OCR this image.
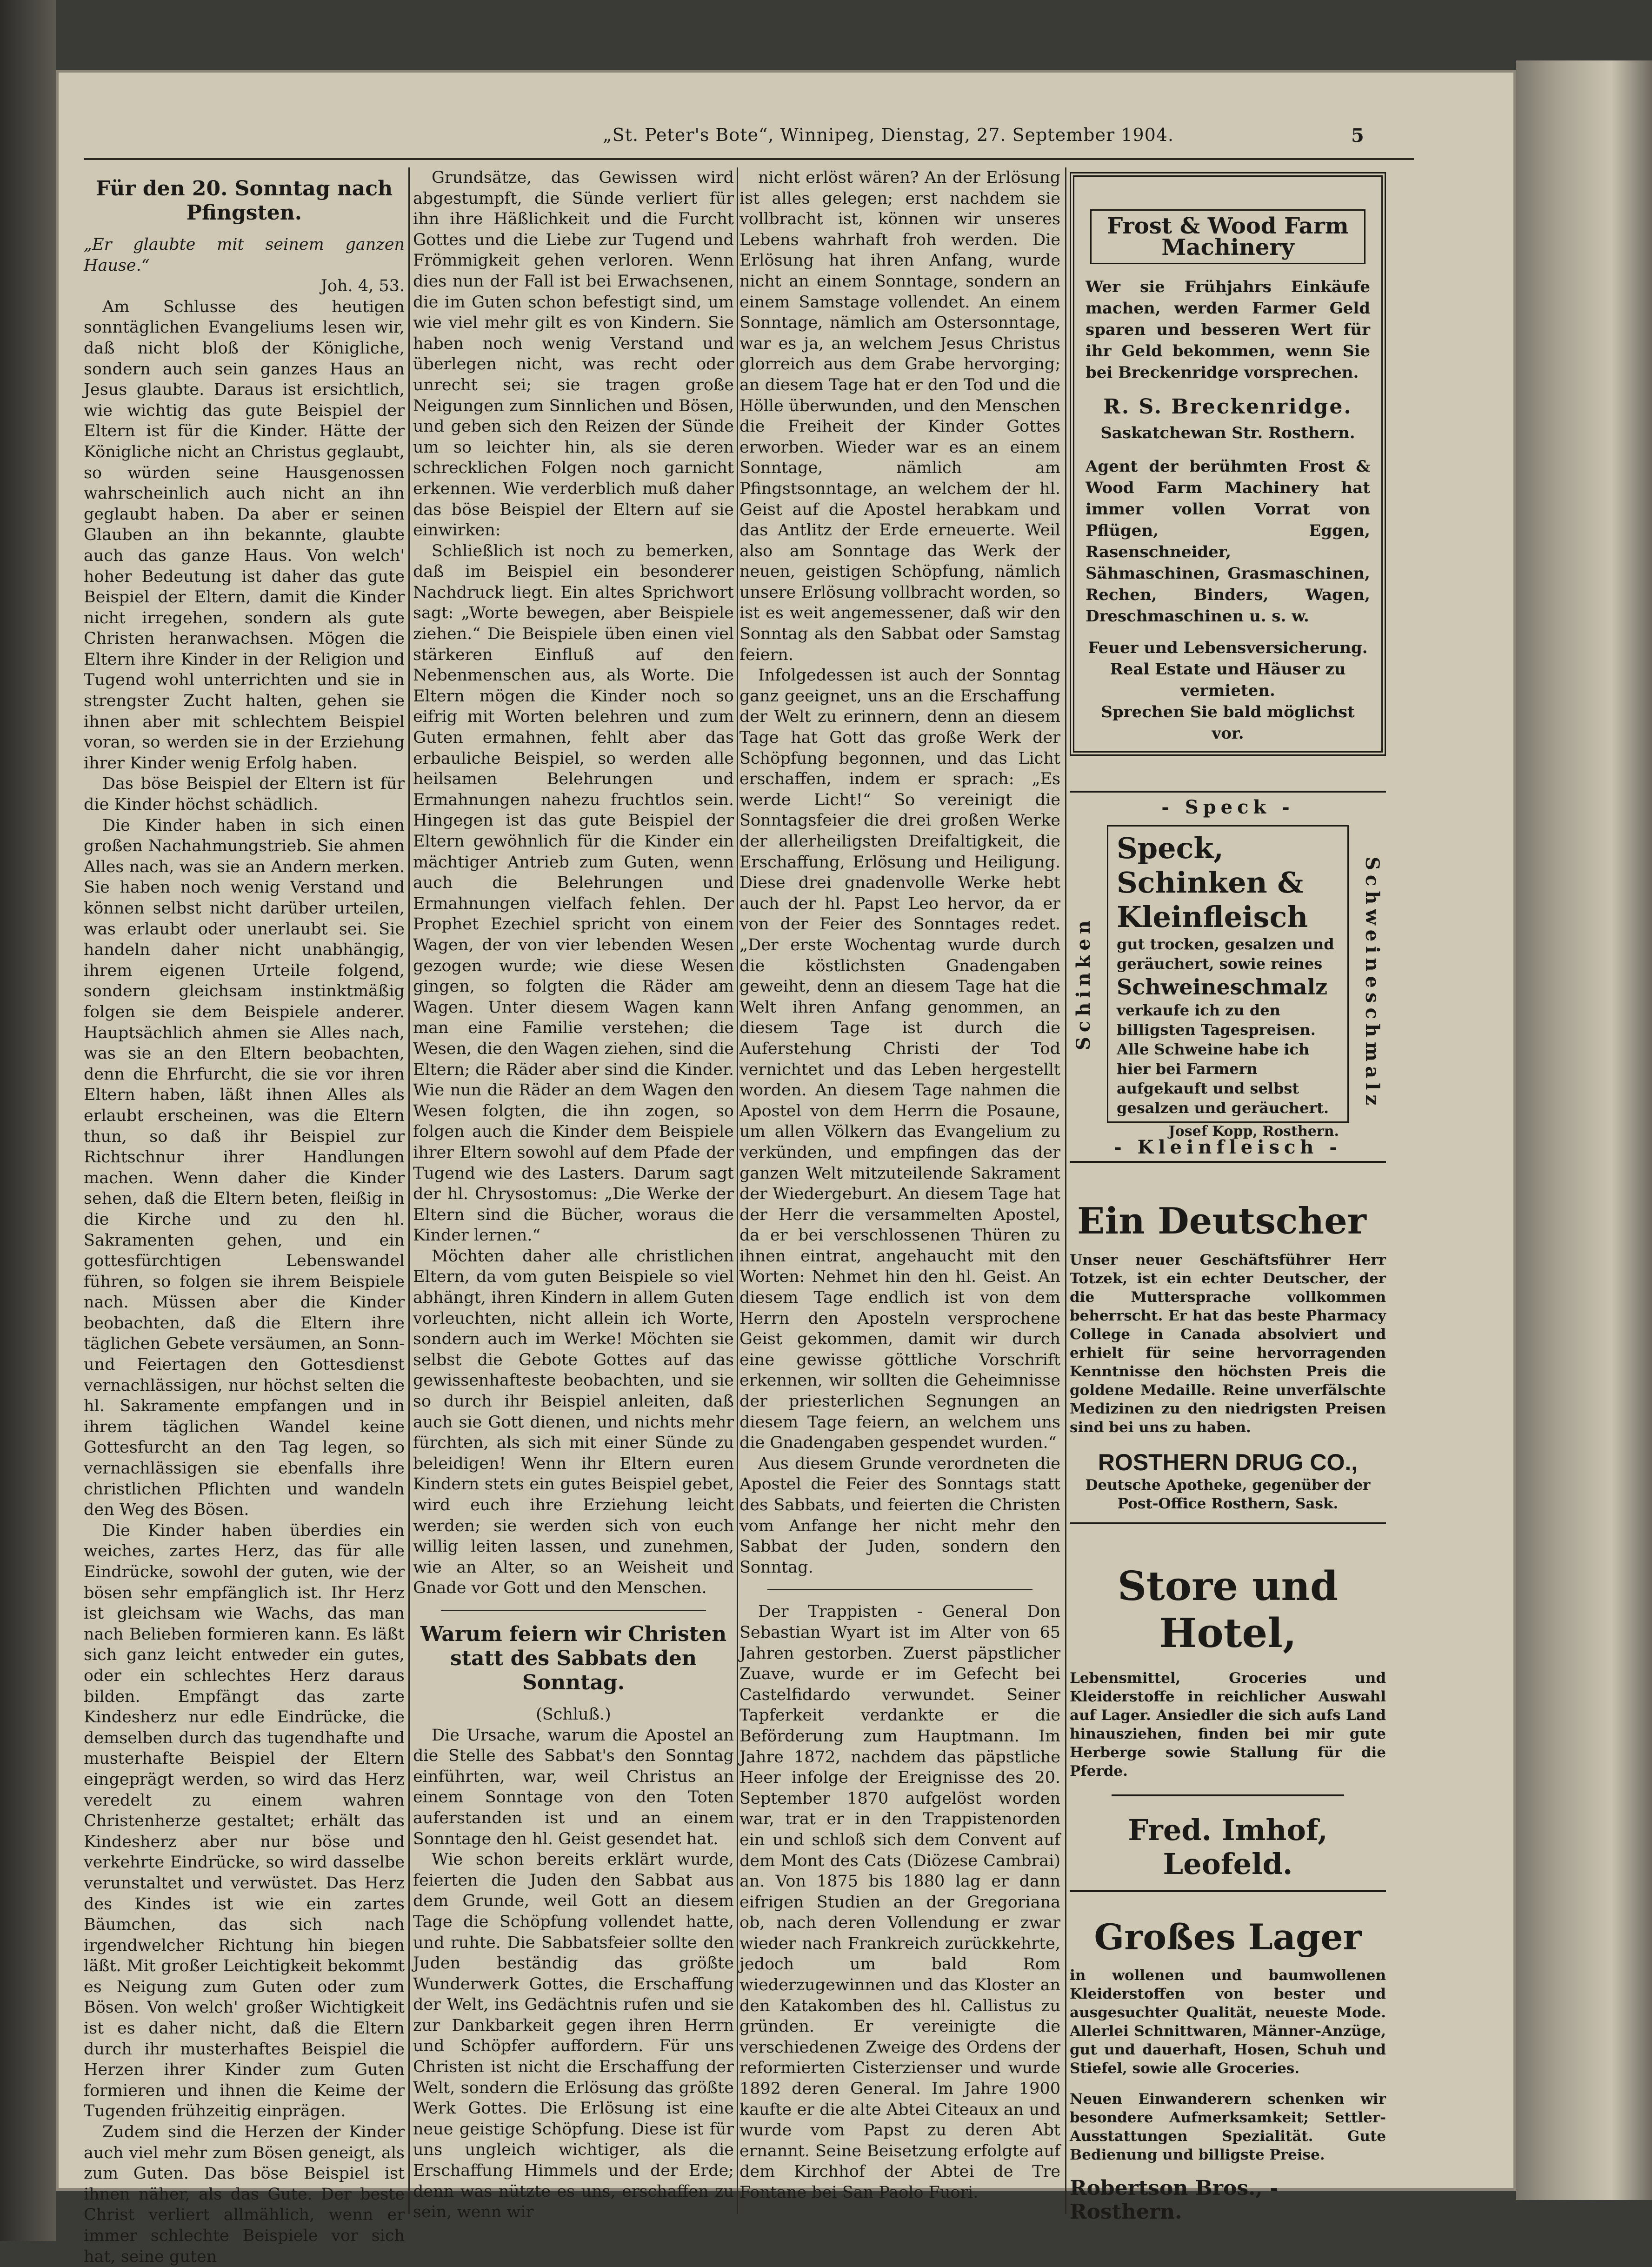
„St. Peter's Bote“, Winnipeg, Dienstag, 27. September 1904.	5

Für den 20. Sonntag nach Pfingsten.

„Er glaubte mit seinem ganzen Hause.“

Joh. 4, 53.

Am Schlusse des heutigen sonntäglichen Evangeliums lesen wir, daß nicht bloß der Königliche, sondern auch sein ganzes Haus an Jesus glaubte. Daraus ist ersichtlich, wie wichtig das gute Beispiel der Eltern ist für die Kinder. Hätte der Königliche nicht an Christus geglaubt, so würden seine Hausgenossen wahrscheinlich auch nicht an ihn geglaubt haben. Da aber er seinen Glauben an ihn bekannte, glaubte auch das ganze Haus. Von welch' hoher Bedeutung ist daher das gute Beispiel der Eltern, damit die Kinder nicht irregehen, sondern als gute Christen heranwachsen. Mögen die Eltern ihre Kinder in der Religion und Tugend wohl unterrichten und sie in strengster Zucht halten, gehen sie ihnen aber mit schlechtem Beispiel voran, so werden sie in der Erziehung ihrer Kinder wenig Erfolg haben.

Das böse Beispiel der Eltern ist für die Kinder höchst schädlich.

Die Kinder haben in sich einen großen Nachahmungstrieb. Sie ahmen Alles nach, was sie an Andern merken. Sie haben noch wenig Verstand und können selbst nicht darüber urteilen, was erlaubt oder unerlaubt sei. Sie handeln daher nicht unabhängig, ihrem eigenen Urteile folgend, sondern gleichsam instinktmäßig folgen sie dem Beispiele anderer. Hauptsächlich ahmen sie Alles nach, was sie an den Eltern beobachten, denn die Ehrfurcht, die sie vor ihren Eltern haben, läßt ihnen Alles als erlaubt erscheinen, was die Eltern thun, so daß ihr Beispiel zur Richtschnur ihrer Handlungen machen. Wenn daher die Kinder sehen, daß die Eltern beten, fleißig in die Kirche und zu den hl. Sakramenten gehen, und ein gottesfürchtigen Lebenswandel führen, so folgen sie ihrem Beispiele nach. Müssen aber die Kinder beobachten, daß die Eltern ihre täglichen Gebete versäumen, an Sonn- und Feiertagen den Gottesdienst vernachlässigen, nur höchst selten die hl. Sakramente empfangen und in ihrem täglichen Wandel keine Gottesfurcht an den Tag legen, so vernachlässigen sie ebenfalls ihre christlichen Pflichten und wandeln den Weg des Bösen.

Die Kinder haben überdies ein weiches, zartes Herz, das für alle Eindrücke, sowohl der guten, wie der bösen sehr empfänglich ist. Ihr Herz ist gleichsam wie Wachs, das man nach Belieben formieren kann. Es läßt sich ganz leicht entweder ein gutes, oder ein schlechtes Herz daraus bilden. Empfängt das zarte Kindesherz nur edle Eindrücke, die demselben durch das tugendhafte und musterhafte Beispiel der Eltern eingeprägt werden, so wird das Herz veredelt zu einem wahren Christenherze gestaltet; erhält das Kindesherz aber nur böse und verkehrte Eindrücke, so wird dasselbe verunstaltet und verwüstet. Das Herz des Kindes ist wie ein zartes Bäumchen, das sich nach irgendwelcher Richtung hin biegen läßt. Mit großer Leichtigkeit bekommt es Neigung zum Guten oder zum Bösen. Von welch' großer Wichtigkeit ist es daher nicht, daß die Eltern durch ihr musterhaftes Beispiel die Herzen ihrer Kinder zum Guten formieren und ihnen die Keime der Tugenden frühzeitig einprägen.

Zudem sind die Herzen der Kinder auch viel mehr zum Bösen geneigt, als zum Guten. Das böse Beispiel ist ihnen näher, als das Gute. Der beste Christ verliert allmählich, wenn er immer schlechte Beispiele vor sich hat, seine guten

Grundsätze, das Gewissen wird abgestumpft, die Sünde verliert für ihn ihre Häßlichkeit und die Furcht Gottes und die Liebe zur Tugend und Frömmigkeit gehen verloren. Wenn dies nun der Fall ist bei Erwachsenen, die im Guten schon befestigt sind, um wie viel mehr gilt es von Kindern. Sie haben noch wenig Verstand und überlegen nicht, was recht oder unrecht sei; sie tragen große Neigungen zum Sinnlichen und Bösen, und geben sich den Reizen der Sünde um so leichter hin, als sie deren schrecklichen Folgen noch garnicht erkennen. Wie verderblich muß daher das böse Beispiel der Eltern auf sie einwirken:

Schließlich ist noch zu bemerken, daß im Beispiel ein besonderer Nachdruck liegt. Ein altes Sprichwort sagt: „Worte bewegen, aber Beispiele ziehen.“ Die Beispiele üben einen viel stärkeren Einfluß auf den Nebenmenschen aus, als Worte. Die Eltern mögen die Kinder noch so eifrig mit Worten belehren und zum Guten ermahnen, fehlt aber das erbauliche Beispiel, so werden alle heilsamen Belehrungen und Ermahnungen nahezu fruchtlos sein. Hingegen ist das gute Beispiel der Eltern gewöhnlich für die Kinder ein mächtiger Antrieb zum Guten, wenn auch die Belehrungen und Ermahnungen vielfach fehlen. Der Prophet Ezechiel spricht von einem Wagen, der von vier lebenden Wesen gezogen wurde; wie diese Wesen gingen, so folgten die Räder am Wagen. Unter diesem Wagen kann man eine Familie verstehen; die Wesen, die den Wagen ziehen, sind die Eltern; die Räder aber sind die Kinder. Wie nun die Räder an dem Wagen den Wesen folgten, die ihn zogen, so folgen auch die Kinder dem Beispiele ihrer Eltern sowohl auf dem Pfade der Tugend wie des Lasters. Darum sagt der hl. Chrysostomus: „Die Werke der Eltern sind die Bücher, woraus die Kinder lernen.“

Möchten daher alle christlichen Eltern, da vom guten Beispiele so viel abhängt, ihren Kindern in allem Guten vorleuchten, nicht allein ich Worte, sondern auch im Werke! Möchten sie selbst die Gebote Gottes auf das gewissenhafteste beobachten, und sie so durch ihr Beispiel anleiten, daß auch sie Gott dienen, und nichts mehr fürchten, als sich mit einer Sünde zu beleidigen! Wenn ihr Eltern euren Kindern stets ein gutes Beispiel gebet, wird euch ihre Erziehung leicht werden; sie werden sich von euch willig leiten lassen, und zunehmen, wie an Alter, so an Weisheit und Gnade vor Gott und den Menschen.

Warum feiern wir Christen statt des Sabbats den Sonntag.

(Schluß.)

Die Ursache, warum die Apostel an die Stelle des Sabbat's den Sonntag einführten, war, weil Christus an einem Sonntage von den Toten auferstanden ist und an einem Sonntage den hl. Geist gesendet hat.

Wie schon bereits erklärt wurde, feierten die Juden den Sabbat aus dem Grunde, weil Gott an diesem Tage die Schöpfung vollendet hatte, und ruhte. Die Sabbatsfeier sollte den Juden beständig das größte Wunderwerk Gottes, die Erschaffung der Welt, ins Gedächtnis rufen und sie zur Dankbarkeit gegen ihren Herrn und Schöpfer auffordern. Für uns Christen ist nicht die Erschaffung der Welt, sondern die Erlösung das größte Werk Gottes. Die Erlösung ist eine neue geistige Schöpfung. Diese ist für uns ungleich wichtiger, als die Erschaffung Himmels und der Erde; denn was nützte es uns, erschaffen zu sein, wenn wir

nicht erlöst wären? An der Erlösung ist alles gelegen; erst nachdem sie vollbracht ist, können wir unseres Lebens wahrhaft froh werden. Die Erlösung hat ihren Anfang, wurde nicht an einem Sonntage, sondern an einem Samstage vollendet. An einem Sonntage, nämlich am Ostersonntage, war es ja, an welchem Jesus Christus glorreich aus dem Grabe hervorging; an diesem Tage hat er den Tod und die Hölle überwunden, und den Menschen die Freiheit der Kinder Gottes erworben. Wieder war es an einem Sonntage, nämlich am Pfingstsonntage, an welchem der hl. Geist auf die Apostel herabkam und das Antlitz der Erde erneuerte. Weil also am Sonntage das Werk der neuen, geistigen Schöpfung, nämlich unsere Erlösung vollbracht worden, so ist es weit angemessener, daß wir den Sonntag als den Sabbat oder Samstag feiern.

Infolgedessen ist auch der Sonntag ganz geeignet, uns an die Erschaffung der Welt zu erinnern, denn an diesem Tage hat Gott das große Werk der Schöpfung begonnen, und das Licht erschaffen, indem er sprach: „Es werde Licht!“ So vereinigt die Sonntagsfeier die drei großen Werke der allerheiligsten Dreifaltigkeit, die Erschaffung, Erlösung und Heiligung. Diese drei gnadenvolle Werke hebt auch der hl. Papst Leo hervor, da er von der Feier des Sonntages redet. „Der erste Wochentag wurde durch die köstlichsten Gnadengaben geweiht, denn an diesem Tage hat die Welt ihren Anfang genommen, an diesem Tage ist durch die Auferstehung Christi der Tod vernichtet und das Leben hergestellt worden. An diesem Tage nahmen die Apostel von dem Herrn die Posaune, um allen Völkern das Evangelium zu verkünden, und empfingen das der ganzen Welt mitzuteilende Sakrament der Wiedergeburt. An diesem Tage hat der Herr die versammelten Apostel, da er bei verschlossenen Thüren zu ihnen eintrat, angehaucht mit den Worten: Nehmet hin den hl. Geist. An diesem Tage endlich ist von dem Herrn den Aposteln versprochene Geist gekommen, damit wir durch eine gewisse göttliche Vorschrift erkennen, wir sollten die Geheimnisse der priesterlichen Segnungen an diesem Tage feiern, an welchem uns die Gnadengaben gespendet wurden.“

Aus diesem Grunde verordneten die Apostel die Feier des Sonntags statt des Sabbats, und feierten die Christen vom Anfange her nicht mehr den Sabbat der Juden, sondern den Sonntag.

Der Trappisten - General Don Sebastian Wyart ist im Alter von 65 Jahren gestorben. Zuerst päpstlicher Zuave, wurde er im Gefecht bei Castelfidardo verwundet. Seiner Tapferkeit verdankte er die Beförderung zum Hauptmann. Im Jahre 1872, nachdem das päpstliche Heer infolge der Ereignisse des 20. September 1870 aufgelöst worden war, trat er in den Trappistenorden ein und schloß sich dem Convent auf dem Mont des Cats (Diözese Cambrai) an. Von 1875 bis 1880 lag er dann eifrigen Studien an der Gregoriana ob, nach deren Vollendung er zwar wieder nach Frankreich zurückkehrte, jedoch um bald Rom wiederzugewinnen und das Kloster an den Katakomben des hl. Callistus zu gründen. Er vereinigte die verschiedenen Zweige des Ordens der reformierten Cisterzienser und wurde 1892 deren General. Im Jahre 1900 kaufte er die alte Abtei Citeaux an und wurde vom Papst zu deren Abt ernannt. Seine Beisetzung erfolgte auf dem Kirchhof der Abtei de Tre Fontane bei San Paolo Fuori.

Frost & Wood Farm Machinery
Wer sie Frühjahrs Einkäufe machen, werden Farmer Geld sparen und besseren Wert für ihr Geld bekommen, wenn Sie bei Breckenridge vorsprechen.
R. S. Breckenridge.
Saskatchewan Str. Rosthern.
Agent der berühmten Frost & Wood Farm Machinery hat immer vollen Vorrat von Pflügen, Eggen, Rasenschneider, Sähmaschinen, Grasmaschinen, Rechen, Binders, Wagen, Dreschmaschinen u. s. w.
Feuer und Lebensversicherung.
Real Estate und Häuser zu vermieten.
Sprechen Sie bald möglichst vor.
- Speck -
Schinken	Schweineschmalz
Speck, Schinken & Kleinfleisch
gut trocken, gesalzen und geräuchert, sowie reines
Schweineschmalz
verkaufe ich zu den billigsten Tagespreisen. Alle Schweine habe ich hier bei Farmern aufgekauft und selbst gesalzen und geräuchert.
Josef Kopp, Rosthern.
- Kleinfleisch -
Ein Deutscher
Unser neuer Geschäftsführer Herr Totzek, ist ein echter Deutscher, der die Muttersprache vollkommen beherrscht. Er hat das beste Pharmacy College in Canada absolviert und erhielt für seine hervorragenden Kenntnisse den höchsten Preis die goldene Medaille. Reine unverfälschte Medizinen zu den niedrigsten Preisen sind bei uns zu haben.
ROSTHERN DRUG CO.,
Deutsche Apotheke, gegenüber der Post-Office Rosthern, Sask.
Store und Hotel,
Lebensmittel, Groceries und Kleiderstoffe in reichlicher Auswahl auf Lager. Ansiedler die sich aufs Land hinausziehen, finden bei mir gute Herberge sowie Stallung für die Pferde.
Fred. Imhof, Leofeld.
Großes Lager
in wollenen und baumwollenen Kleiderstoffen von bester und ausgesuchter Qualität, neueste Mode. Allerlei Schnittwaren, Männer-Anzüge, gut und dauerhaft, Hosen, Schuh und Stiefel, sowie alle Groceries.
Neuen Einwanderern schenken wir besondere Aufmerksamkeit; Settler-Ausstattungen Spezialität. Gute Bedienung und billigste Preise.
Robertson Bros., - Rosthern.
